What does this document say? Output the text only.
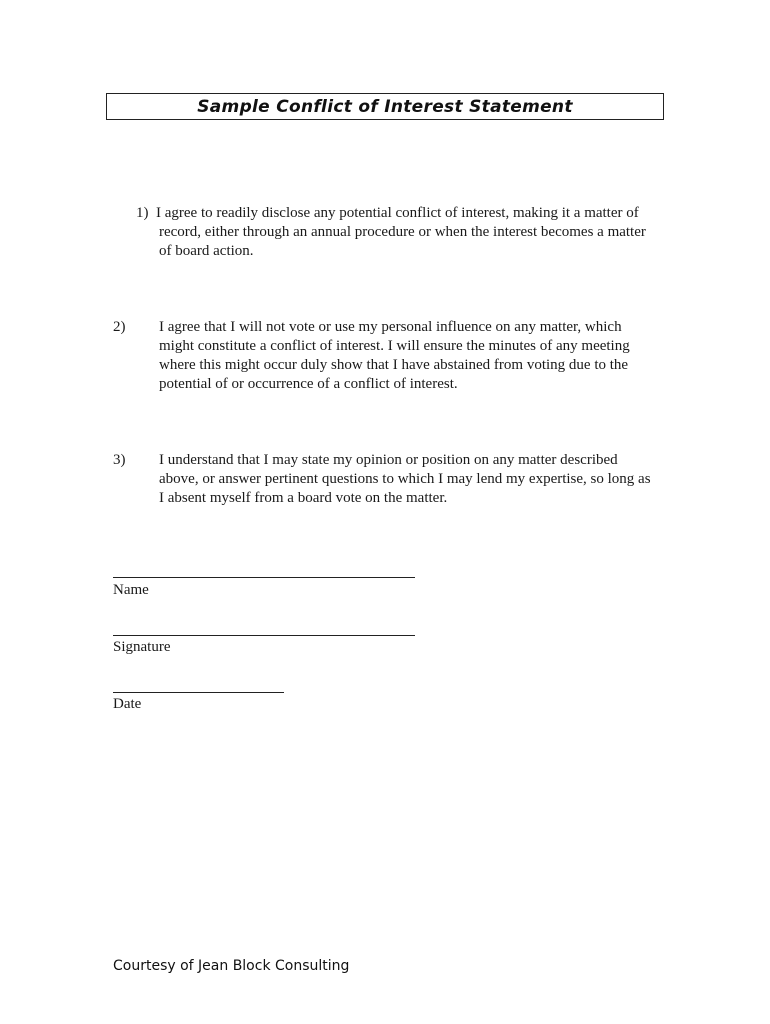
Sample Conflict of Interest Statement
1) I agree to readily disclose any potential conflict of interest, making it a matter of record, either through an annual procedure or when the interest becomes a matter of board action.
2)	I agree that I will not vote or use my personal influence on any matter, which might constitute a conflict of interest. I will ensure the minutes of any meeting where this might occur duly show that I have abstained from voting due to the potential of or occurrence of a conflict of interest.
3)	I understand that I may state my opinion or position on any matter described above, or answer pertinent questions to which I may lend my expertise, so long as I absent myself from a board vote on the matter.
Name
Signature
Date
Courtesy of Jean Block Consulting
